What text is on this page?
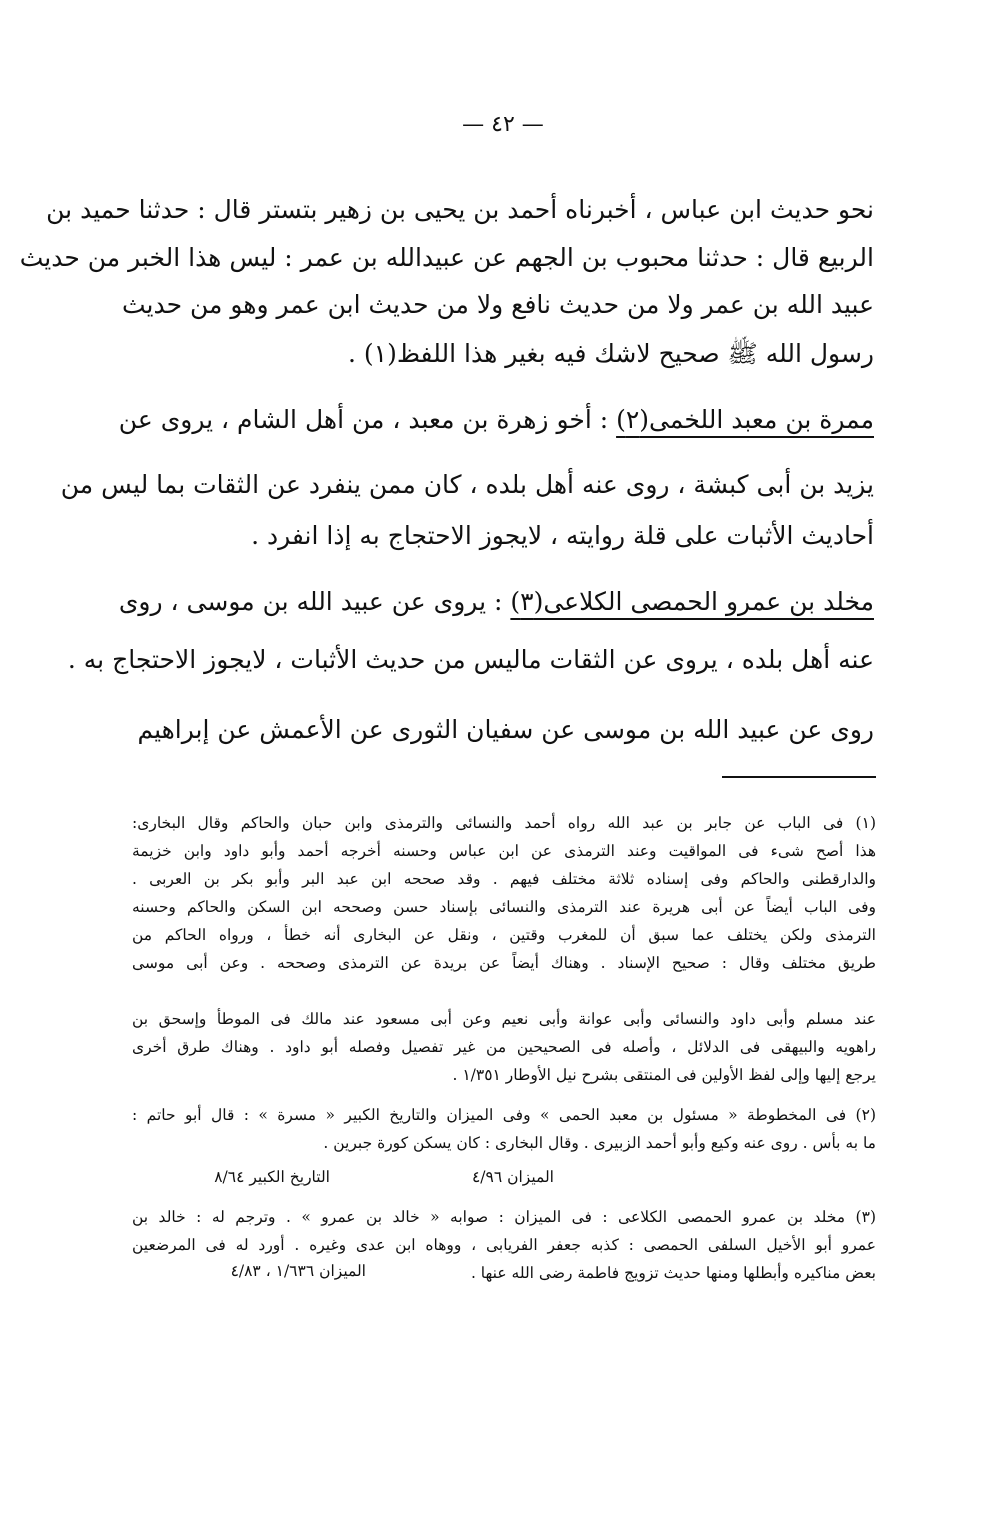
— ٤٢ —
نحو حديث ابن عباس ، أخبرناه أحمد بن يحيى بن زهير بتستر قال : حدثنا حميد بن
الربيع قال : حدثنا محبوب بن الجهم عن عبيدالله بن عمر : ليس هذا الخبر من حديث
عبيد الله بن عمر ولا من حديث نافع ولا من حديث ابن عمر وهو من حديث
رسول الله ﷺ صحيح لاشك فيه بغير هذا اللفظ(١) .
ممرة بن معبد اللخمى(٢) : أخو زهرة بن معبد ، من أهل الشام ، يروى عن
يزيد بن أبى كبشة ، روى عنه أهل بلده ، كان ممن ينفرد عن الثقات بما ليس من
أحاديث الأثبات على قلة روايته ، لايجوز الاحتجاج به إذا انفرد .
مخلد بن عمرو الحمصى الكلاعى(٣) : يروى عن عبيد الله بن موسى ، روى
عنه أهل بلده ، يروى عن الثقات ماليس من حديث الأثبات ، لايجوز الاحتجاج به .
روى عن عبيد الله بن موسى عن سفيان الثورى عن الأعمش عن إبراهيم
(١) فى الباب عن جابر بن عبد الله رواه أحمد والنسائى والترمذى وابن حبان والحاكم وقال البخارى:
هذا أصح شىء فى المواقيت وعند الترمذى عن ابن عباس وحسنه أخرجه أحمد وأبو داود وابن خزيمة
والدارقطنى والحاكم وفى إسناده ثلاثة مختلف فيهم . وقد صححه ابن عبد البر وأبو بكر بن العربى .
وفى الباب أيضاً عن أبى هريرة عند الترمذى والنسائى بإسناد حسن وصححه ابن السكن والحاكم وحسنه
الترمذى ولكن يختلف عما سبق أن للمغرب وقتين ، ونقل عن البخارى أنه خطأ ، ورواه الحاكم من
طريق مختلف وقال : صحيح الإسناد . وهناك أيضاً عن بريدة عن الترمذى وصححه . وعن أبى موسى
عند مسلم وأبى داود والنسائى وأبى عوانة وأبى نعيم وعن أبى مسعود عند مالك فى الموطأ وإسحق بن
راهويه والبيهقى فى الدلائل ، وأصله فى الصحيحين من غير تفصيل وفصله أبو داود . وهناك طرق أخرى
يرجع إليها وإلى لفظ الأولين فى المنتقى بشرح نيل الأوطار ١/٣٥١ .
(٢) فى المخطوطة « مسئول بن معبد الحمى » وفى الميزان والتاريخ الكبير « مسرة » : قال أبو حاتم :
ما به بأس . روى عنه وكيع وأبو أحمد الزبيرى . وقال البخارى : كان يسكن كورة جبرين .
الميزان ٤/٩٦
التاريخ الكبير ٨/٦٤
(٣) مخلد بن عمرو الحمصى الكلاعى : فى الميزان : صوابه « خالد بن عمرو » . وترجم له : خالد بن
عمرو أبو الأخيل السلفى الحمصى : كذبه جعفر الفريابى ، ووهاه ابن عدى وغيره . أورد له فى المرضعين
بعض مناكيره وأبطلها ومنها حديث تزويج فاطمة رضى الله عنها .
الميزان ١/٦٣٦ ، ٤/٨٣
